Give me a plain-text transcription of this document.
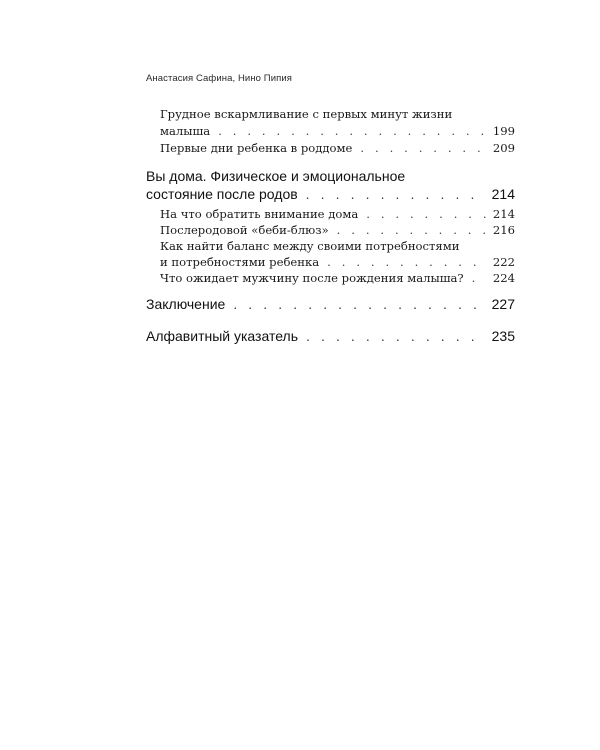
Анастасия Сафина, Нино Пипия
Грудное вскармливание с первых минут жизни
малыша . . .	199
Первые дни ребенка в роддоме . . .	209
Вы дома. Физическое и эмоциональное
состояние после родов . . .	214
На что обратить внимание дома . . .	214
Послеродовой «беби-блюз» . . .	216
Как найти баланс между своими потребностями
и потребностями ребенка . . .	222
Что ожидает мужчину после рождения малыша? . . .	224
Заключение . . .	227
Алфавитный указатель . . .	235
